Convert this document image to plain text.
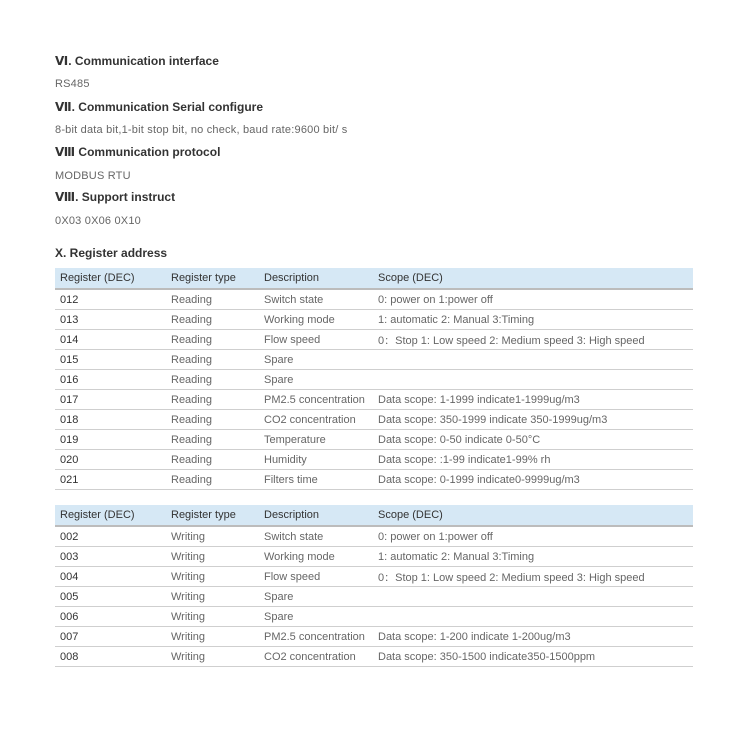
Ⅵ. Communication interface
RS485
Ⅶ. Communication Serial configure
8-bit data bit,1-bit stop bit, no check, baud rate:9600 bit/ s
Ⅷ Communication protocol
MODBUS RTU
Ⅷ. Support instruct
0X03 0X06 0X10
X. Register address
Register (DEC)	Register type	Description	Scope (DEC)
012	Reading	Switch state	0: power on 1:power off
013	Reading	Working mode	1: automatic 2: Manual 3:Timing
014	Reading	Flow speed	0：Stop 1: Low speed 2: Medium speed 3: High speed
015	Reading	Spare	
016	Reading	Spare	
017	Reading	PM2.5 concentration	Data scope: 1-1999 indicate1-1999ug/m3
018	Reading	CO2 concentration	Data scope: 350-1999 indicate 350-1999ug/m3
019	Reading	Temperature	Data scope: 0-50 indicate 0-50°C
020	Reading	Humidity	Data scope: :1-99 indicate1-99% rh
021	Reading	Filters time	Data scope: 0-1999 indicate0-9999ug/m3
Register (DEC)	Register type	Description	Scope (DEC)
002	Writing	Switch state	0: power on 1:power off
003	Writing	Working mode	1: automatic 2: Manual 3:Timing
004	Writing	Flow speed	0：Stop 1: Low speed 2: Medium speed 3: High speed
005	Writing	Spare	
006	Writing	Spare	
007	Writing	PM2.5 concentration	Data scope: 1-200 indicate 1-200ug/m3
008	Writing	CO2 concentration	Data scope: 350-1500 indicate350-1500ppm
